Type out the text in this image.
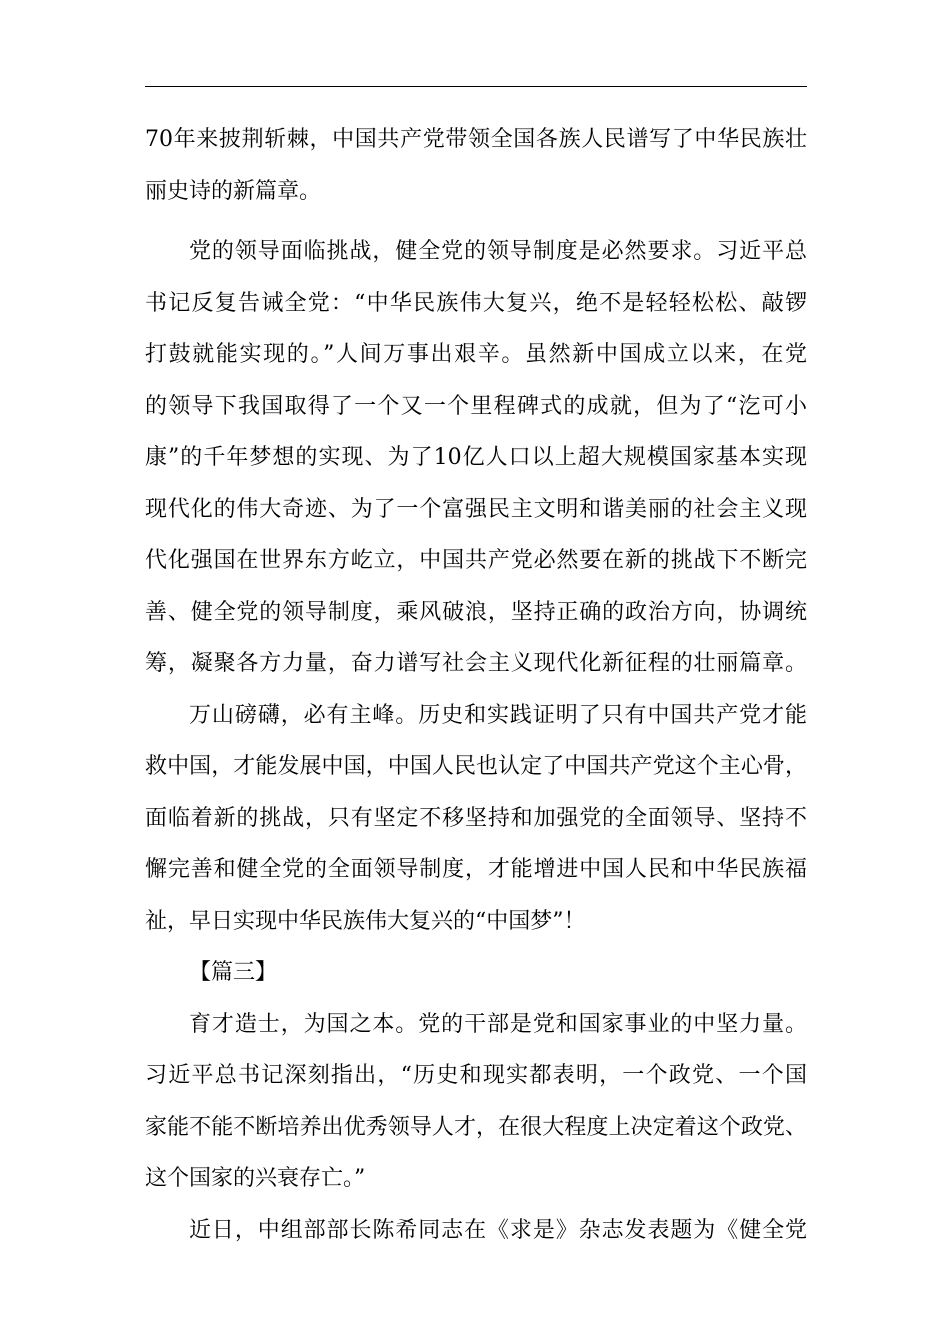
70年来披荆斩棘，中国共产党带领全国各族人民谱写了中华民族壮
丽史诗的新篇章。
党的领导面临挑战，健全党的领导制度是必然要求。习近平总
书记反复告诫全党：“中华民族伟大复兴，绝不是轻轻松松、敲锣
打鼓就能实现的。”人间万事出艰辛。虽然新中国成立以来，在党
的领导下我国取得了一个又一个里程碑式的成就，但为了“汔可小
康”的千年梦想的实现、为了10亿人口以上超大规模国家基本实现
现代化的伟大奇迹、为了一个富强民主文明和谐美丽的社会主义现
代化强国在世界东方屹立，中国共产党必然要在新的挑战下不断完
善、健全党的领导制度，乘风破浪，坚持正确的政治方向，协调统
筹，凝聚各方力量，奋力谱写社会主义现代化新征程的壮丽篇章。
万山磅礴，必有主峰。历史和实践证明了只有中国共产党才能
救中国，才能发展中国，中国人民也认定了中国共产党这个主心骨，
面临着新的挑战，只有坚定不移坚持和加强党的全面领导、坚持不
懈完善和健全党的全面领导制度，才能增进中国人民和中华民族福
祉，早日实现中华民族伟大复兴的“中国梦”！
【篇三】
育才造士，为国之本。党的干部是党和国家事业的中坚力量。
习近平总书记深刻指出，“历史和现实都表明，一个政党、一个国
家能不能不断培养出优秀领导人才，在很大程度上决定着这个政党、
这个国家的兴衰存亡。”
近日，中组部部长陈希同志在《求是》杂志发表题为《健全党
